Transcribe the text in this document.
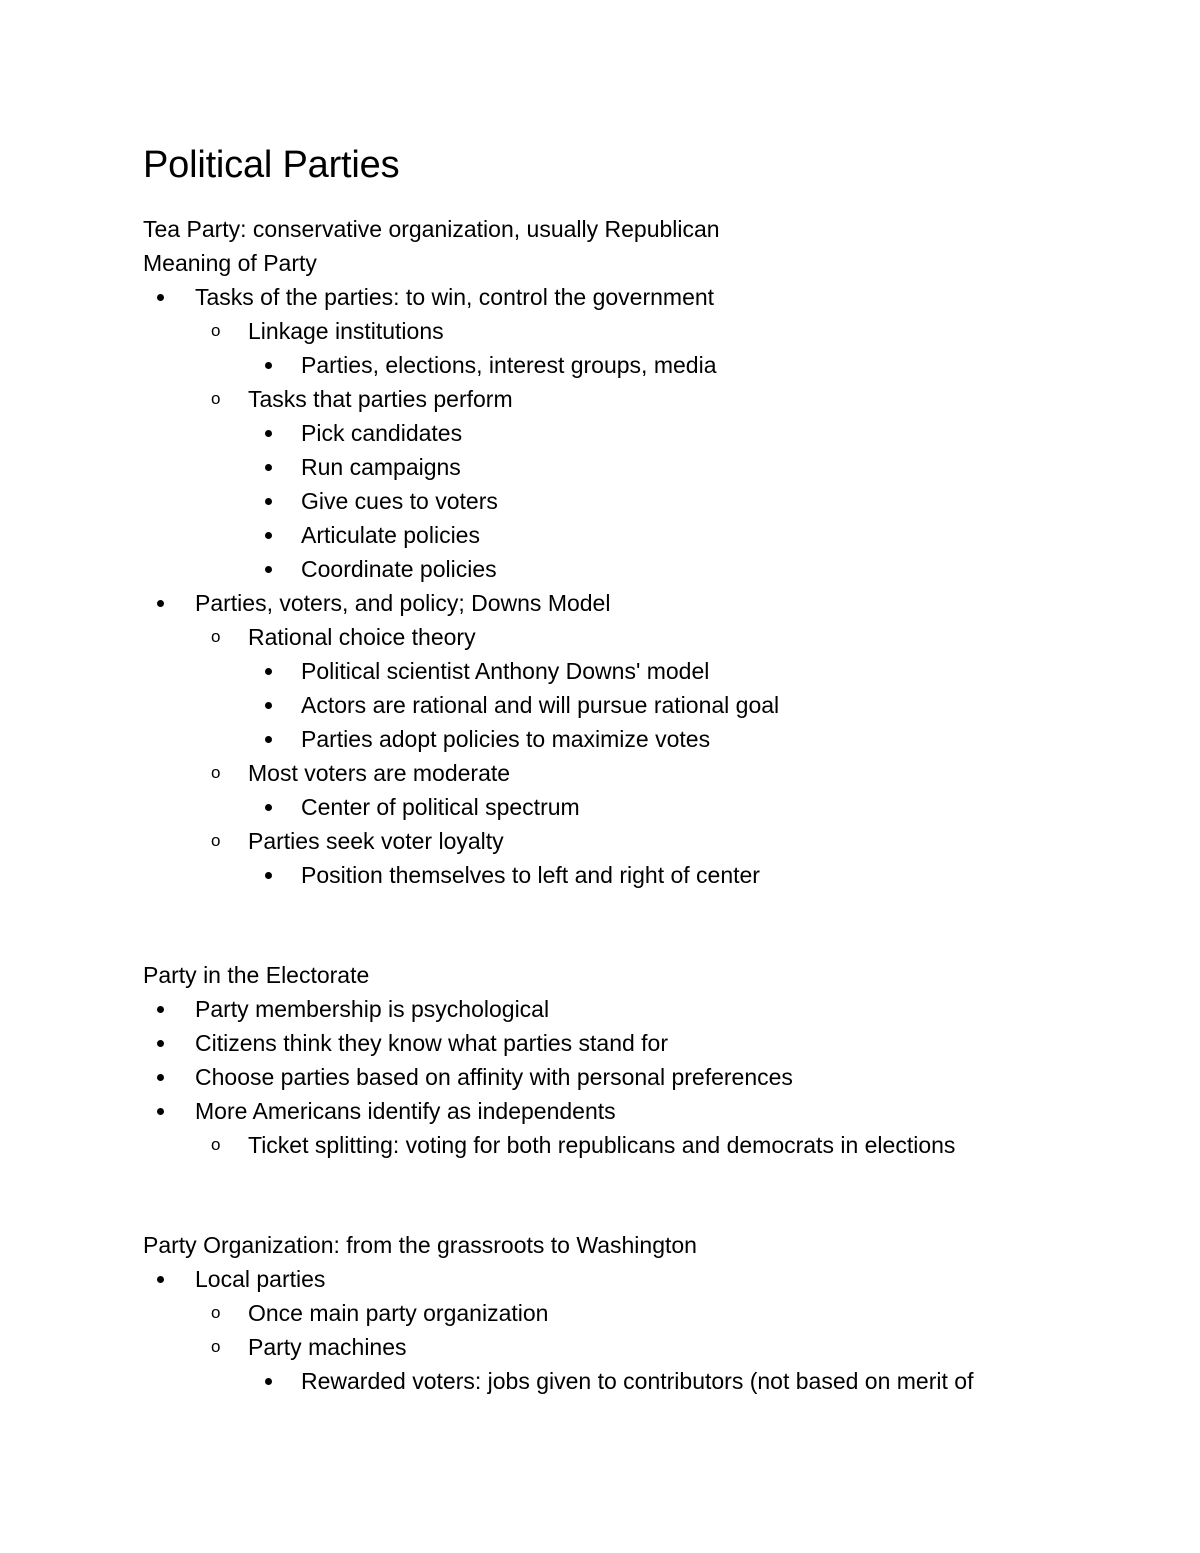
Political Parties
Tea Party: conservative organization, usually Republican
Meaning of Party
Tasks of the parties: to win, control the government
o Linkage institutions
Parties, elections, interest groups, media
o Tasks that parties perform
Pick candidates
Run campaigns
Give cues to voters
Articulate policies
Coordinate policies
Parties, voters, and policy; Downs Model
o Rational choice theory
Political scientist Anthony Downs' model
Actors are rational and will pursue rational goal
Parties adopt policies to maximize votes
o Most voters are moderate
Center of political spectrum
o Parties seek voter loyalty
Position themselves to left and right of center
Party in the Electorate
Party membership is psychological
Citizens think they know what parties stand for
Choose parties based on affinity with personal preferences
More Americans identify as independents
o Ticket splitting: voting for both republicans and democrats in elections
Party Organization: from the grassroots to Washington
Local parties
o Once main party organization
o Party machines
Rewarded voters: jobs given to contributors (not based on merit of
